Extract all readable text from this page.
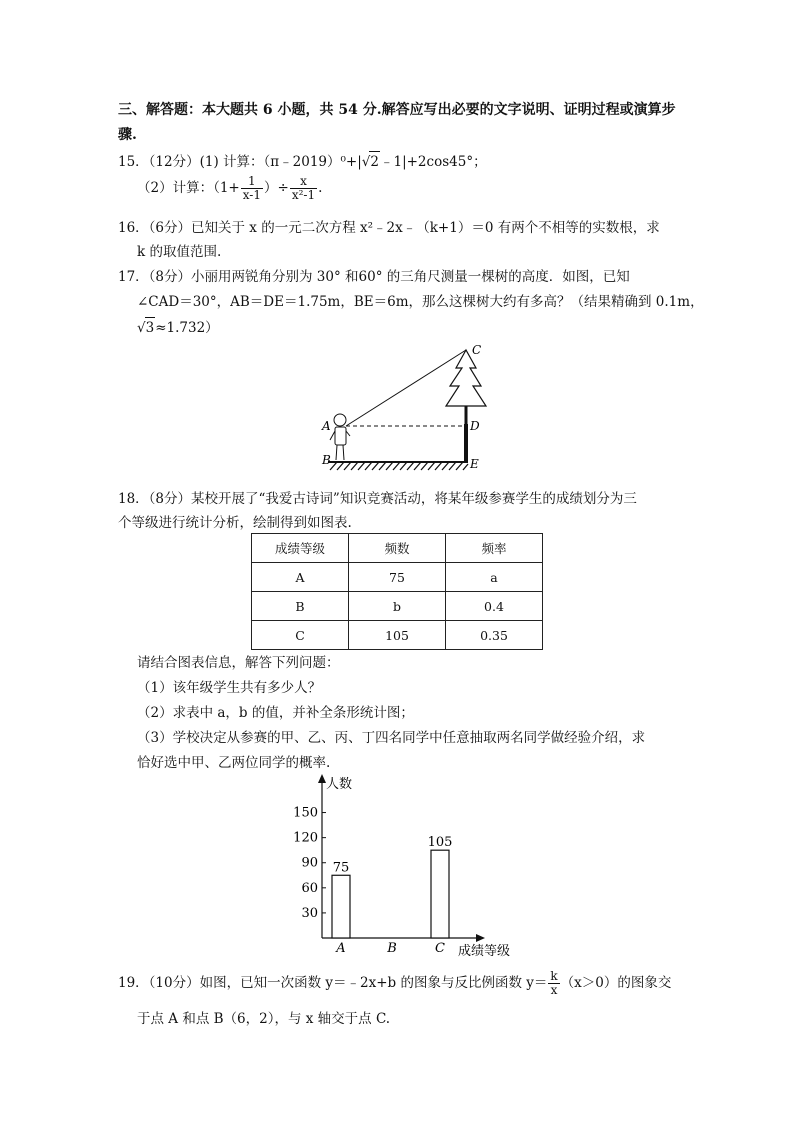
三、解答题：本大题共 6 小题，共 54 分.解答应写出必要的文字说明、证明过程或演算步
骤.
15．（12分）(1) 计算：（π﹣2019）⁰+|√2﹣1|+2cos45°；
（2）计算：（$1+ \frac{1}{x-1}$ ）÷ $\frac{x}{\text{x²-1}}$ .
16．（6分）已知关于 x 的一元二次方程 x²﹣2x﹣（k+1）＝0 有两个不相等的实数根，求
k 的取值范围.
17．（8分）小丽用两锐角分别为 30° 和60° 的三角尺测量一棵树的高度．如图，已知
∠CAD＝30°，AB＝DE＝1.75m，BE＝6m，那么这棵树大约有多高？（结果精确到 0.1m，
√3≈1.732）
C
D
E
A
B
18．（8分）某校开展了“我爱古诗词”知识竞赛活动，将某年级参赛学生的成绩划分为三
个等级进行统计分析，绘制得到如图表.
成绩等级	频数	频率
A	75	a
B	b	0.4
C	105	0.35
请结合图表信息，解答下列问题：
（1）该年级学生共有多少人？
（2）求表中 a，b 的值，并补全条形统计图；
（3）学校决定从参赛的甲、乙、丙、丁四名同学中任意抽取两名同学做经验介绍，求
恰好选中甲、乙两位同学的概率.
人数
成绩等级
30
60
90
120
150
75
A	B
105
C
19．（10分）如图，已知一次函数 y＝﹣2x+b 的图象与反比例函数 $y= \frac{k}{x} (x>0)$的图象交
于点 A 和点 B（6，2），与 x 轴交于点 C.
